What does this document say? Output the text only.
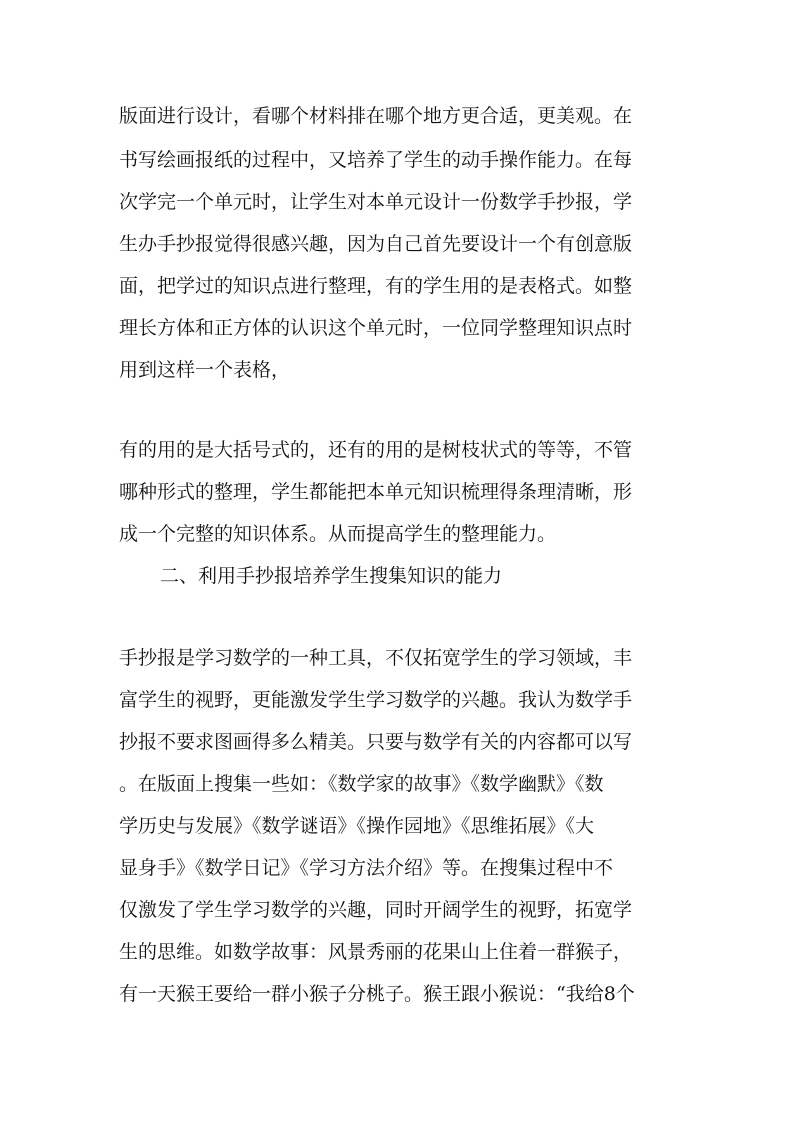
版面进行设计，看哪个材料排在哪个地方更合适，更美观。在
书写绘画报纸的过程中，又培养了学生的动手操作能力。在每
次学完一个单元时，让学生对本单元设计一份数学手抄报，学
生办手抄报觉得很感兴趣，因为自己首先要设计一个有创意版
面，把学过的知识点进行整理，有的学生用的是表格式。如整
理长方体和正方体的认识这个单元时，一位同学整理知识点时
用到这样一个表格，
有的用的是大括号式的，还有的用的是树枝状式的等等，不管
哪种形式的整理，学生都能把本单元知识梳理得条理清晰，形
成一个完整的知识体系。从而提高学生的整理能力。
二、利用手抄报培养学生搜集知识的能力
手抄报是学习数学的一种工具，不仅拓宽学生的学习领域，丰
富学生的视野，更能激发学生学习数学的兴趣。我认为数学手
抄报不要求图画得多么精美。只要与数学有关的内容都可以写
。在版面上搜集一些如：《数学家的故事》《数学幽默》《数
学历史与发展》《数学谜语》《操作园地》《思维拓展》《大
显身手》《数学日记》《学习方法介绍》等。在搜集过程中不
仅激发了学生学习数学的兴趣，同时开阔学生的视野，拓宽学
生的思维。如数学故事：风景秀丽的花果山上住着一群猴子，
有一天猴王要给一群小猴子分桃子。猴王跟小猴说：“我给8个
